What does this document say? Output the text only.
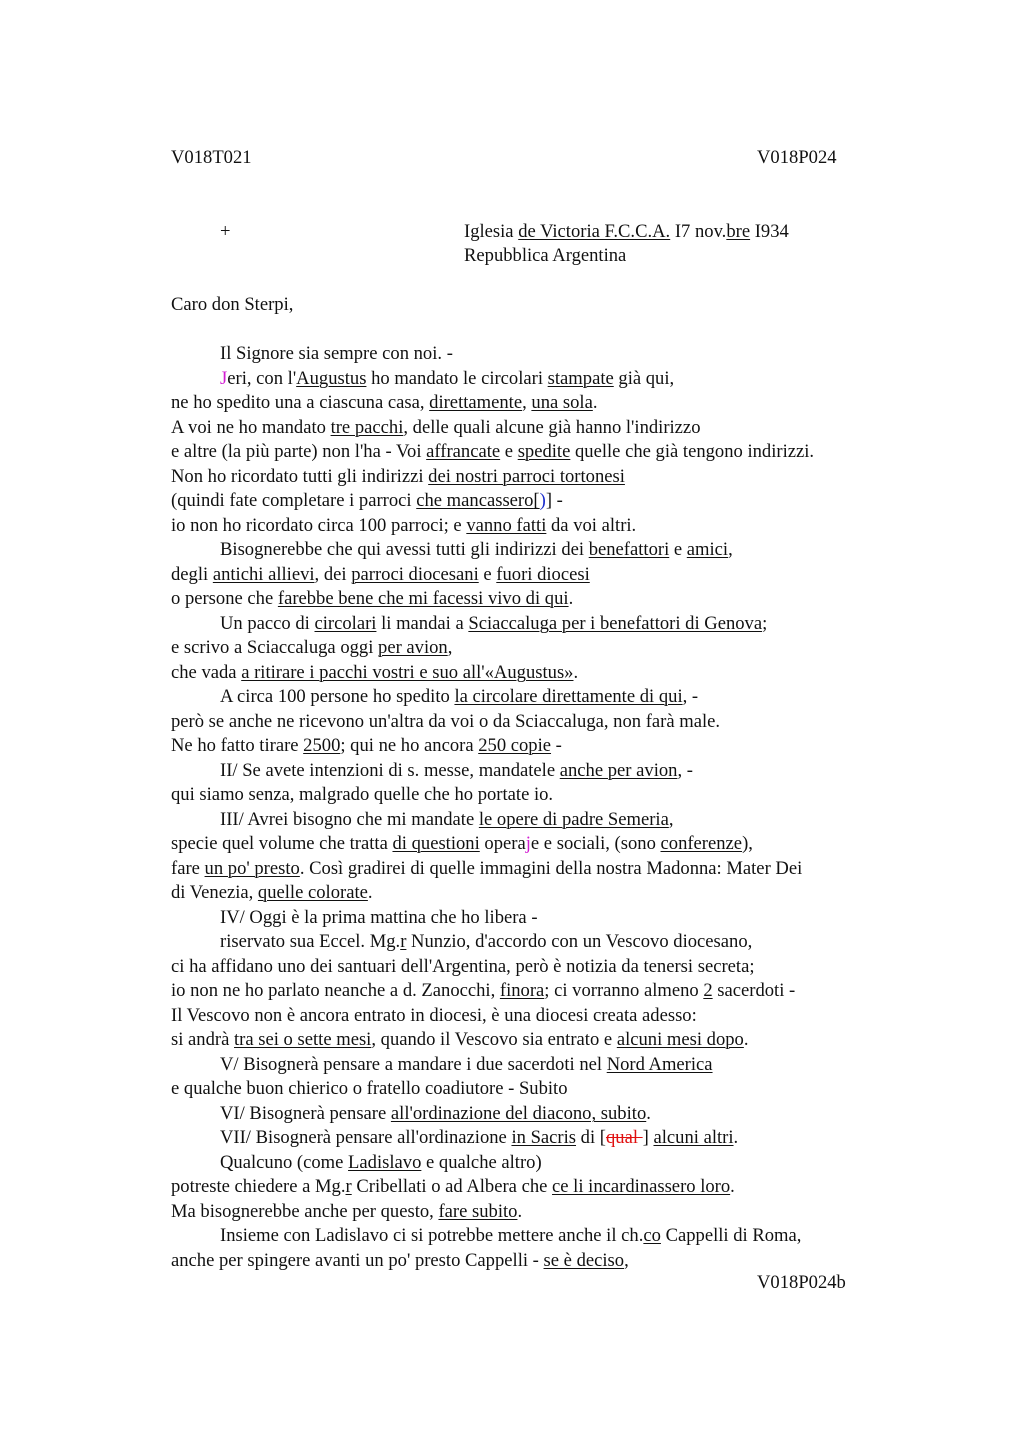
V018T021	V018P024
+	Iglesia de Victoria F.C.C.A. I7 nov.bre I934
Repubblica Argentina
Caro don Sterpi,
Il Signore sia sempre con noi. -
Jeri, con l'Augustus ho mandato le circolari stampate già qui,
ne ho spedito una a ciascuna casa, direttamente, una sola.
A voi ne ho mandato tre pacchi, delle quali alcune già hanno l'indirizzo
e altre (la più parte) non l'ha - Voi affrancate e spedite quelle che già tengono indirizzi.
Non ho ricordato tutti gli indirizzi dei nostri parroci tortonesi
(quindi fate completare i parroci che mancassero[)] -
io non ho ricordato circa 100 parroci; e vanno fatti da voi altri.
Bisognerebbe che qui avessi tutti gli indirizzi dei benefattori e amici,
degli antichi allievi, dei parroci diocesani e fuori diocesi
o persone che farebbe bene che mi facessi vivo di qui.
Un pacco di circolari li mandai a Sciaccaluga per i benefattori di Genova;
e scrivo a Sciaccaluga oggi per avion,
che vada a ritirare i pacchi vostri e suo all'«Augustus».
A circa 100 persone ho spedito la circolare direttamente di qui, -
però se anche ne ricevono un'altra da voi o da Sciaccaluga, non farà male.
Ne ho fatto tirare 2500; qui ne ho ancora 250 copie -
II/ Se avete intenzioni di s. messe, mandatele anche per avion, -
qui siamo senza, malgrado quelle che ho portate io.
III/ Avrei bisogno che mi mandate le opere di padre Semeria,
specie quel volume che tratta di questioni operaje e sociali, (sono conferenze),
fare un po' presto. Così gradirei di quelle immagini della nostra Madonna: Mater Dei
di Venezia, quelle colorate.
IV/ Oggi è la prima mattina che ho libera -
riservato sua Eccel. Mg.r Nunzio, d'accordo con un Vescovo diocesano,
ci ha affidano uno dei santuari dell'Argentina, però è notizia da tenersi secreta;
io non ne ho parlato neanche a d. Zanocchi, finora; ci vorranno almeno 2 sacerdoti -
Il Vescovo non è ancora entrato in diocesi, è una diocesi creata adesso:
si andrà tra sei o sette mesi, quando il Vescovo sia entrato e alcuni mesi dopo.
V/ Bisognerà pensare a mandare i due sacerdoti nel Nord America
e qualche buon chierico o fratello coadiutore - Subito
VI/ Bisognerà pensare all'ordinazione del diacono, subito.
VII/ Bisognerà pensare all'ordinazione in Sacris di [qual ] alcuni altri.
Qualcuno (come Ladislavo e qualche altro)
potreste chiedere a Mg.r Cribellati o ad Albera che ce li incardinassero loro.
Ma bisognerebbe anche per questo, fare subito.
Insieme con Ladislavo ci si potrebbe mettere anche il ch.co Cappelli di Roma,
anche per spingere avanti un po' presto Cappelli - se è deciso,
V018P024b
